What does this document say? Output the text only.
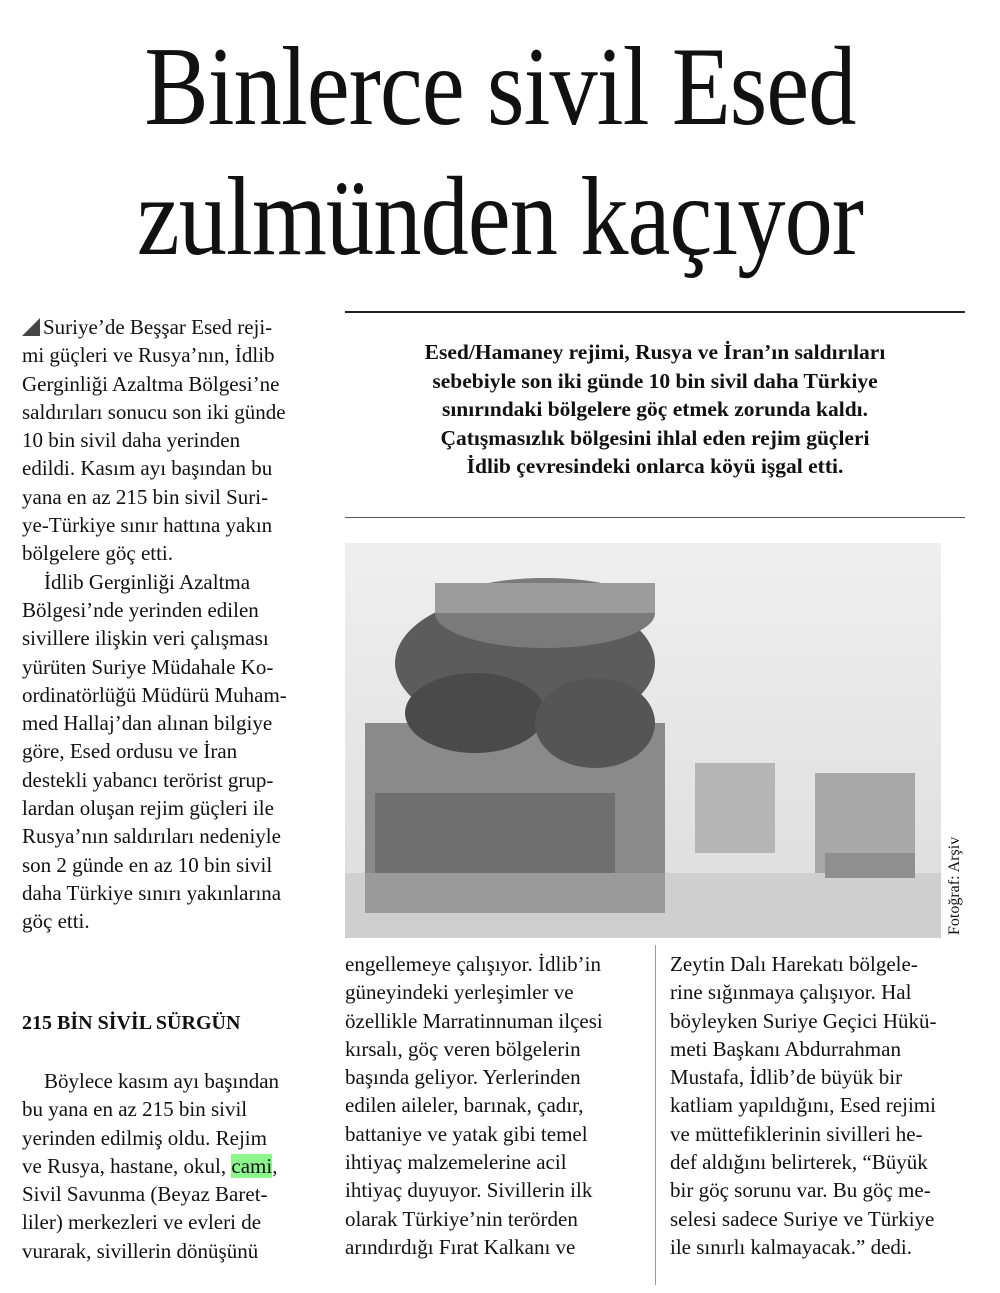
Binlerce sivil Esed
zulmünden kaçıyor
Esed/Hamaney rejimi, Rusya ve İran’ın saldırıları
sebebiyle son iki günde 10 bin sivil daha Türkiye
sınırındaki bölgelere göç etmek zorunda kaldı.
Çatışmasızlık bölgesini ihlal eden rejim güçleri
İdlib çevresindeki onlarca köyü işgal etti.

Suriye’de Beşşar Esed reji-

mi güçleri ve Rusya’nın, İdlib

Gerginliği Azaltma Bölgesi’ne

saldırıları sonucu son iki günde

10 bin sivil daha yerinden

edildi. Kasım ayı başından bu

yana en az 215 bin sivil Suri-

ye-Türkiye sınır hattına yakın

bölgelere göç etti.

İdlib Gerginliği Azaltma

Bölgesi’nde yerinden edilen

sivillere ilişkin veri çalışması

yürüten Suriye Müdahale Ko-

ordinatörlüğü Müdürü Muham-

med Hallaj’dan alınan bilgiye

göre, Esed ordusu ve İran

destekli yabancı terörist grup-

lardan oluşan rejim güçleri ile

Rusya’nın saldırıları nedeniyle

son 2 günde en az 10 bin sivil

daha Türkiye sınırı yakınlarına

göç etti.

215 BİN SİVİL SÜRGÜN

Böylece kasım ayı başından

bu yana en az 215 bin sivil

yerinden edilmiş oldu. Rejim

ve Rusya, hastane, okul, cami,

Sivil Savunma (Beyaz Baret-

liler) merkezleri ve evleri de

vurarak, sivillerin dönüşünü

Fotoğraf: Arşiv

engellemeye çalışıyor. İdlib’in

güneyindeki yerleşimler ve

özellikle Marratinnuman ilçesi

kırsalı, göç veren bölgelerin

başında geliyor. Yerlerinden

edilen aileler, barınak, çadır,

battaniye ve yatak gibi temel

ihtiyaç malzemelerine acil

ihtiyaç duyuyor. Sivillerin ilk

olarak Türkiye’nin terörden

arındırdığı Fırat Kalkanı ve

Zeytin Dalı Harekatı bölgele-

rine sığınmaya çalışıyor. Hal

böyleyken Suriye Geçici Hükü-

meti Başkanı Abdurrahman

Mustafa, İdlib’de büyük bir

katliam yapıldığını, Esed rejimi

ve müttefiklerinin sivilleri he-

def aldığını belirterek, “Büyük

bir göç sorunu var. Bu göç me-

selesi sadece Suriye ve Türkiye

ile sınırlı kalmayacak.” dedi.
